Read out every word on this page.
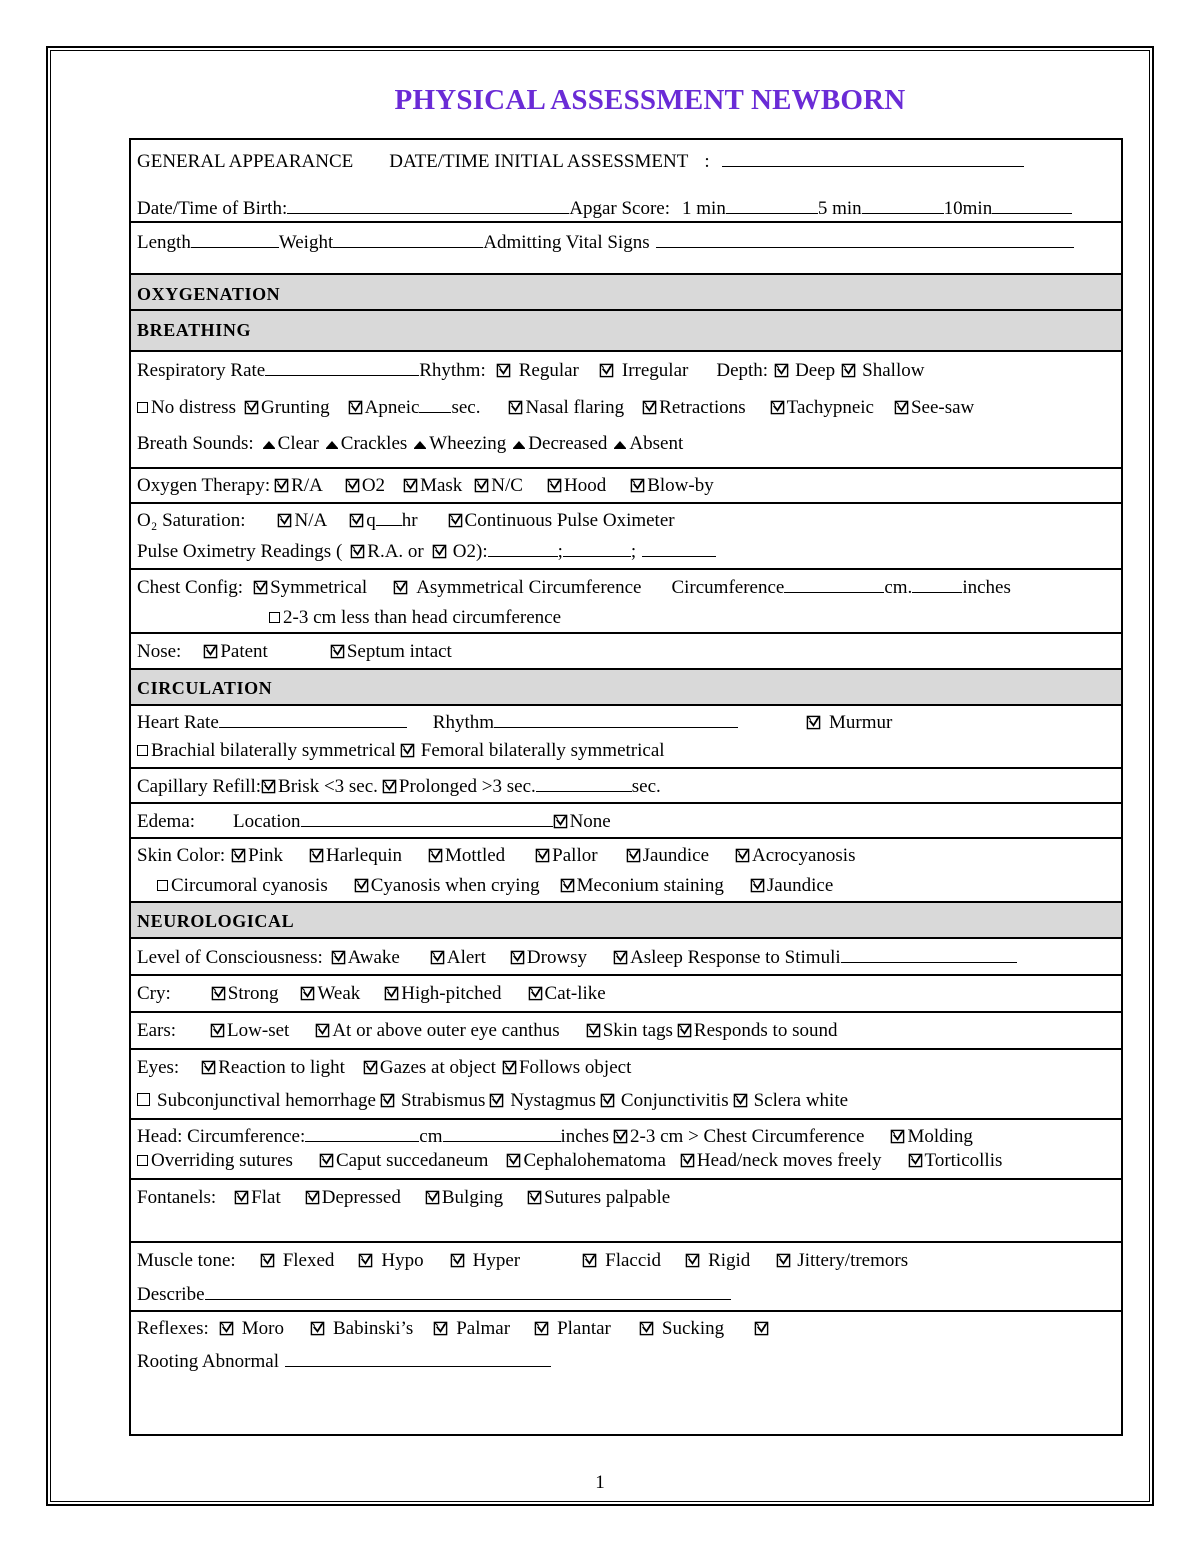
PHYSICAL ASSESSMENT NEWBORN
GENERAL APPEARANCE DATE/TIME INITIAL ASSESSMENT :
Date/Time of Birth:	Apgar Score: 1 min	5 min	10min
Length	Weight	Admitting Vital Signs
OXYGENATION
BREATHING
Respiratory Rate	Rhythm: Regular Irregular Depth: Deep Shallow
No distress Grunting Apneic sec. Nasal flaring Retractions Tachypneic See-saw
Breath Sounds: Clear Crackles Wheezing Decreased Absent
Oxygen Therapy: R/A O2 Mask N/C Hood Blow-by
O₂ Saturation:	N/A q hr Continuous Pulse Oximeter
Pulse Oximetry Readings ( R.A. or O2):	;	;
Chest Config: Symmetrical	Asymmetrical Circumference Circumference	cm.	inches
2-3 cm less than head circumference
Nose: Patent	Septum intact
CIRCULATION
Heart Rate	Rhythm	Murmur
Brachial bilaterally symmetrical Femoral bilaterally symmetrical
Capillary Refill: Brisk <3 sec. Prolonged >3 sec.	sec.
Edema: Location	None
Skin Color: Pink Harlequin Mottled Pallor Jaundice Acrocyanosis
Circumoral cyanosis Cyanosis when crying Meconium staining Jaundice
NEUROLOGICAL
Level of Consciousness: Awake Alert Drowsy Asleep Response to Stimuli
Cry:	Strong Weak High-pitched Cat-like
Ears:	Low-set At or above outer eye canthus Skin tags Responds to sound
Eyes: Reaction to light Gazes at object Follows object
Subconjunctival hemorrhage Strabismus Nystagmus Conjunctivitis Sclera white
Head: Circumference:	cm	inches 2-3 cm > Chest Circumference Molding
Overriding sutures Caput succedaneum Cephalohematoma Head/neck moves freely Torticollis
Fontanels: Flat Depressed Bulging Sutures palpable
Muscle tone: Flexed Hypo	Hyper	Flaccid Rigid Jittery/tremors
Describe
Reflexes: Moro	Babinski’s Palmar Plantar	Sucking
Rooting Abnormal
1
